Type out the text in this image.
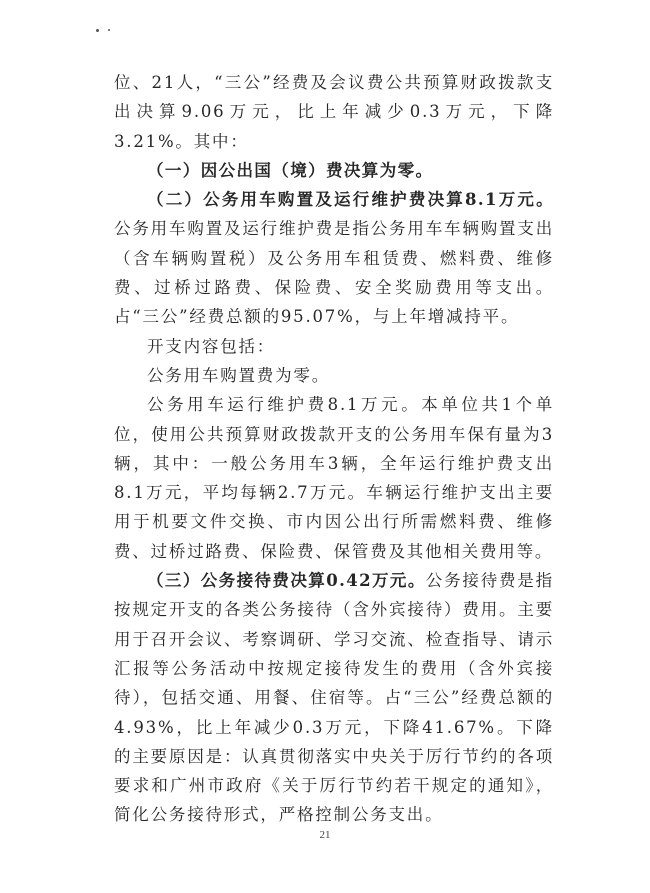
位、21人，“三公”经费及会议费公共预算财政拨款支出决算9.06万元，比上年减少0.3万元，下降3.21%。其中：

（一）因公出国（境）费决算为零。

（二）公务用车购置及运行维护费决算8.1万元。公务用车购置及运行维护费是指公务用车车辆购置支出（含车辆购置税）及公务用车租赁费、燃料费、维修费、过桥过路费、保险费、安全奖励费用等支出。占“三公”经费总额的95.07%，与上年增减持平。

开支内容包括：

公务用车购置费为零。

公务用车运行维护费8.1万元。本单位共1个单位，使用公共预算财政拨款开支的公务用车保有量为3辆，其中：一般公务用车3辆，全年运行维护费支出8.1万元，平均每辆2.7万元。车辆运行维护支出主要用于机要文件交换、市内因公出行所需燃料费、维修费、过桥过路费、保险费、保管费及其他相关费用等。

（三）公务接待费决算0.42万元。公务接待费是指按规定开支的各类公务接待（含外宾接待）费用。主要用于召开会议、考察调研、学习交流、检查指导、请示汇报等公务活动中按规定接待发生的费用（含外宾接待），包括交通、用餐、住宿等。占“三公”经费总额的4.93%，比上年减少0.3万元，下降41.67%。下降的主要原因是：认真贯彻落实中央关于厉行节约的各项要求和广州市政府《关于厉行节约若干规定的通知》，简化公务接待形式，严格控制公务支出。

21
